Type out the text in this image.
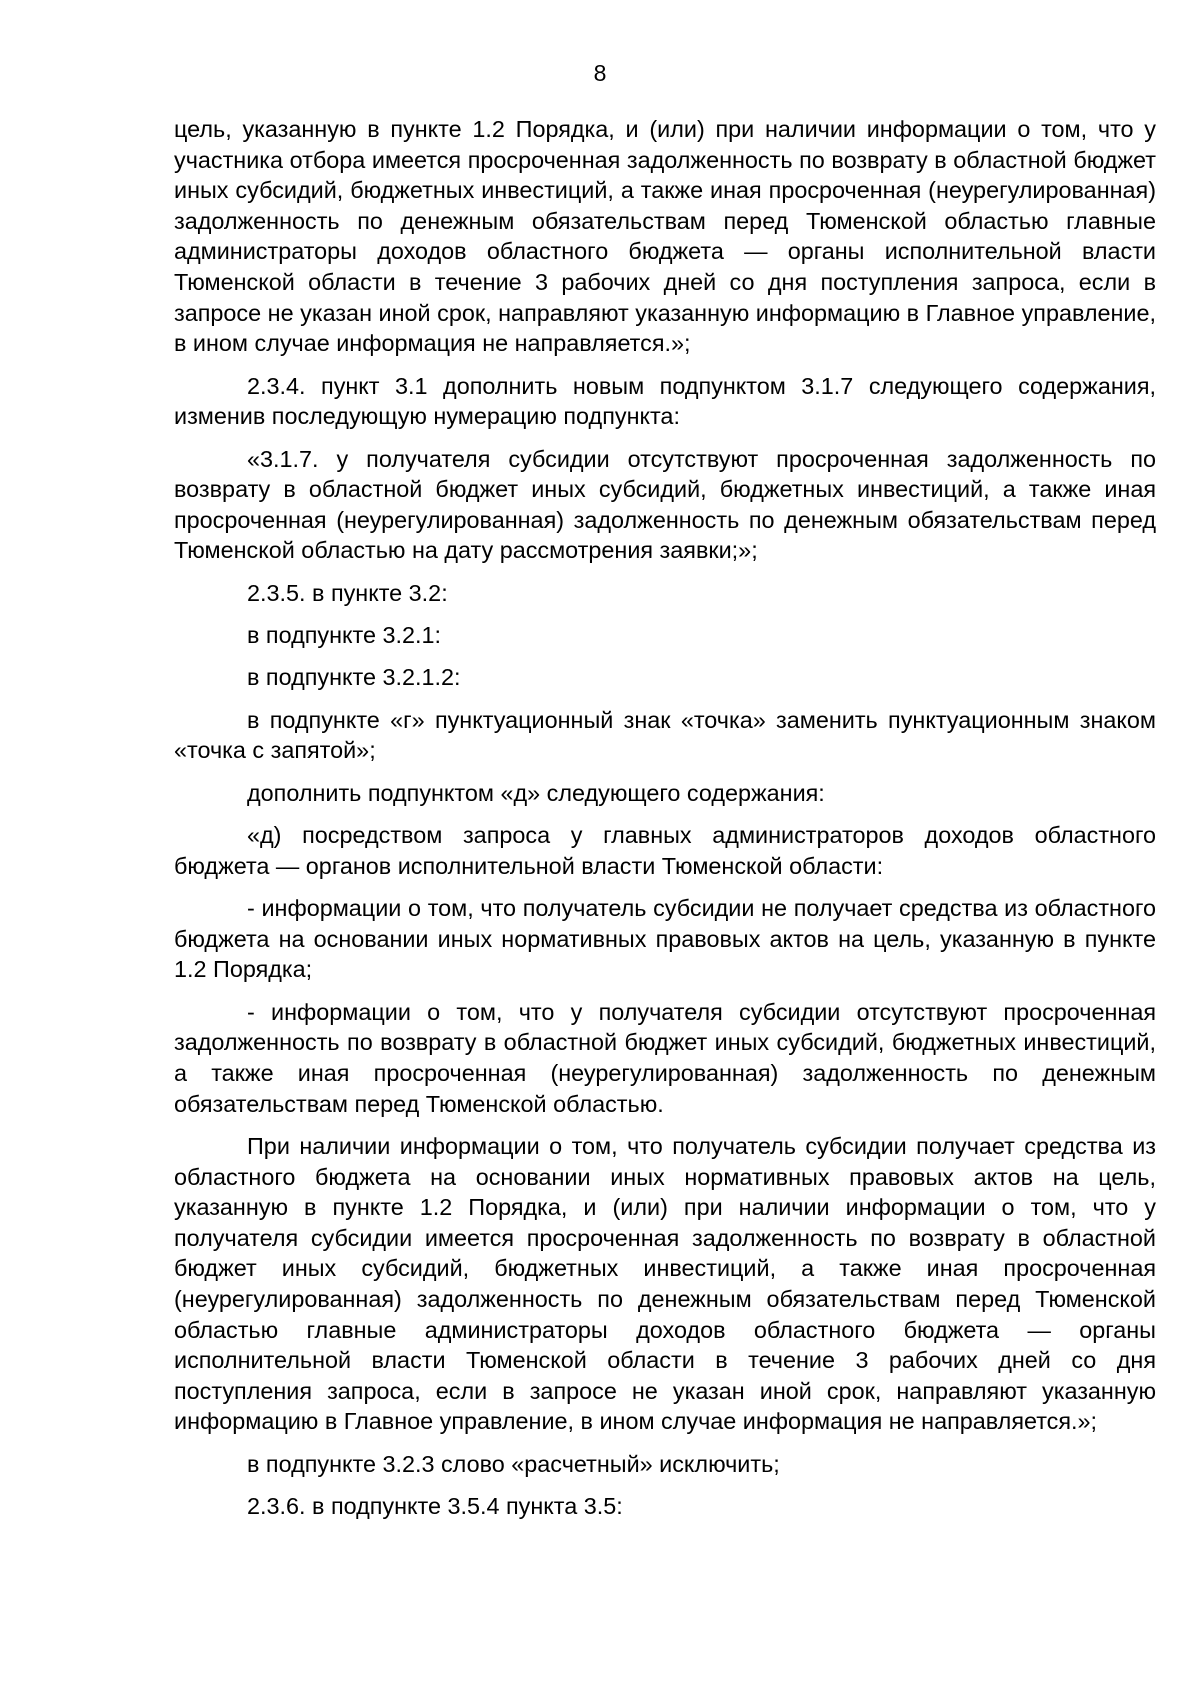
8

цель, указанную в пункте 1.2 Порядка, и (или) при наличии информации о том, что у участника отбора имеется просроченная задолженность по возврату в областной бюджет иных субсидий, бюджетных инвестиций, а также иная просроченная (неурегулированная) задолженность по денежным обязательствам перед Тюменской областью главные администраторы доходов областного бюджета — органы исполнительной власти Тюменской области в течение 3 рабочих дней со дня поступления запроса, если в запросе не указан иной срок, направляют указанную информацию в Главное управление, в ином случае информация не направляется.»;

2.3.4. пункт 3.1 дополнить новым подпунктом 3.1.7 следующего содержания, изменив последующую нумерацию подпункта:

«3.1.7. у получателя субсидии отсутствуют просроченная задолженность по возврату в областной бюджет иных субсидий, бюджетных инвестиций, а также иная просроченная (неурегулированная) задолженность по денежным обязательствам перед Тюменской областью на дату рассмотрения заявки;»;

2.3.5. в пункте 3.2:

в подпункте 3.2.1:

в подпункте 3.2.1.2:

в подпункте «г» пунктуационный знак «точка» заменить пунктуационным знаком «точка с запятой»;

дополнить подпунктом «д» следующего содержания:

«д) посредством запроса у главных администраторов доходов областного бюджета — органов исполнительной власти Тюменской области:

- информации о том, что получатель субсидии не получает средства из областного бюджета на основании иных нормативных правовых актов на цель, указанную в пункте 1.2 Порядка;

- информации о том, что у получателя субсидии отсутствуют просроченная задолженность по возврату в областной бюджет иных субсидий, бюджетных инвестиций, а также иная просроченная (неурегулированная) задолженность по денежным обязательствам перед Тюменской областью.

При наличии информации о том, что получатель субсидии получает средства из областного бюджета на основании иных нормативных правовых актов на цель, указанную в пункте 1.2 Порядка, и (или) при наличии информации о том, что у получателя субсидии имеется просроченная задолженность по возврату в областной бюджет иных субсидий, бюджетных инвестиций, а также иная просроченная (неурегулированная) задолженность по денежным обязательствам перед Тюменской областью главные администраторы доходов областного бюджета — органы исполнительной власти Тюменской области в течение 3 рабочих дней со дня поступления запроса, если в запросе не указан иной срок, направляют указанную информацию в Главное управление, в ином случае информация не направляется.»;

в подпункте 3.2.3 слово «расчетный» исключить;

2.3.6. в подпункте 3.5.4 пункта 3.5:
